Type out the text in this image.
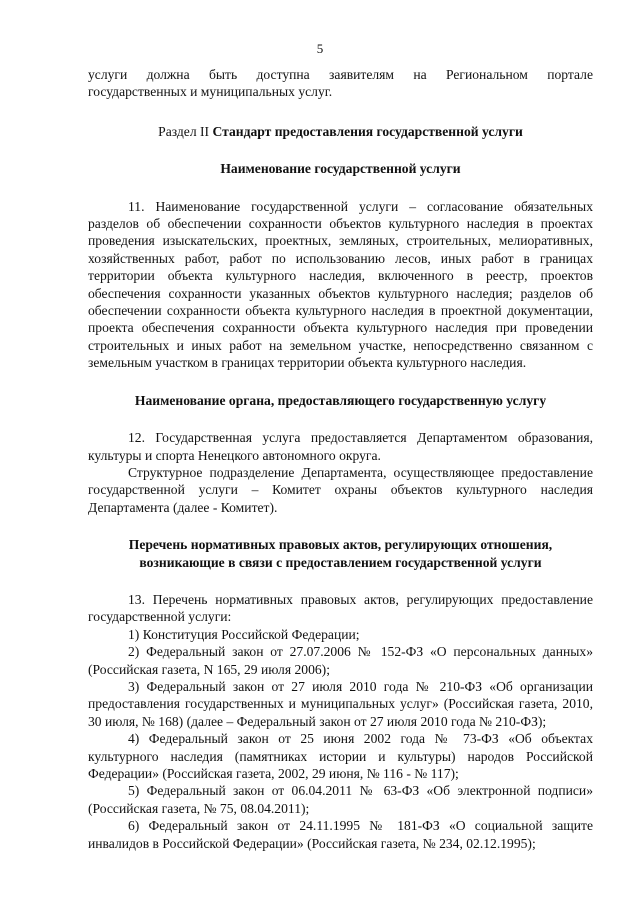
5

услуги должна быть доступна заявителям на Региональном портале

государственных и муниципальных услуг.

Раздел II Стандарт предоставления государственной услуги

Наименование государственной услуги

11. Наименование государственной услуги – согласование обязательных разделов об обеспечении сохранности объектов культурного наследия в проектах проведения изыскательских, проектных, земляных, строительных, мелиоративных, хозяйственных работ, работ по использованию лесов, иных работ в границах территории объекта культурного наследия, включенного в реестр, проектов обеспечения сохранности указанных объектов культурного наследия; разделов об обеспечении сохранности объекта культурного наследия в проектной документации, проекта обеспечения сохранности объекта культурного наследия при проведении строительных и иных работ на земельном участке, непосредственно связанном с земельным участком в границах территории объекта культурного наследия.

Наименование органа, предоставляющего государственную услугу

12. Государственная услуга предоставляется Департаментом образования, культуры и спорта Ненецкого автономного округа.

Структурное подразделение Департамента, осуществляющее предоставление государственной услуги – Комитет охраны объектов культурного наследия Департамента (далее - Комитет).

Перечень нормативных правовых актов, регулирующих отношения,
возникающие в связи с предоставлением государственной услуги

13. Перечень нормативных правовых актов, регулирующих предоставление государственной услуги:

1) Конституция Российской Федерации;

2) Федеральный закон от 27.07.2006 № 152-ФЗ «О персональных данных» (Российская газета, N 165, 29 июля 2006);

3) Федеральный закон от 27 июля 2010 года № 210-ФЗ «Об организации предоставления государственных и муниципальных услуг» (Российская газета, 2010, 30 июля, № 168) (далее – Федеральный закон от 27 июля 2010 года № 210-ФЗ);

4) Федеральный закон от 25 июня 2002 года № 73-ФЗ «Об объектах культурного наследия (памятниках истории и культуры) народов Российской Федерации» (Российская газета, 2002, 29 июня, № 116 - № 117);

5) Федеральный закон от 06.04.2011 № 63-ФЗ «Об электронной подписи» (Российская газета, № 75, 08.04.2011);

6) Федеральный закон от 24.11.1995 № 181-ФЗ «О социальной защите инвалидов в Российской Федерации» (Российская газета, № 234, 02.12.1995);
